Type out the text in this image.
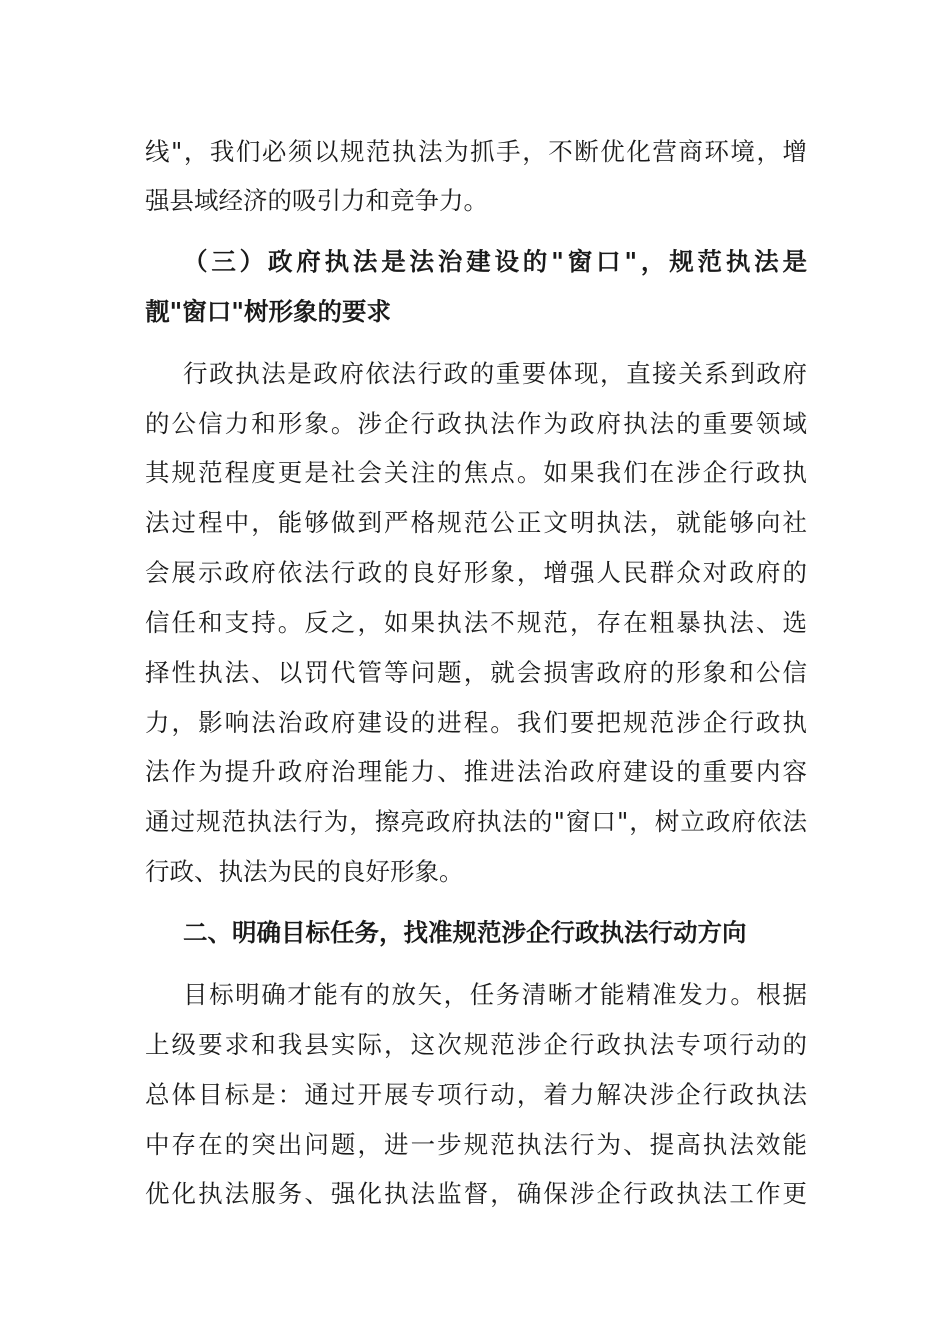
线"，我们必须以规范执法为抓手，不断优化营商环境，增
强县域经济的吸引力和竞争力。
（三）政府执法是法治建设的"窗口"，规范执法是
靓"窗口"树形象的要求
行政执法是政府依法行政的重要体现，直接关系到政府
的公信力和形象。涉企行政执法作为政府执法的重要领域
其规范程度更是社会关注的焦点。如果我们在涉企行政执
法过程中，能够做到严格规范公正文明执法，就能够向社
会展示政府依法行政的良好形象，增强人民群众对政府的
信任和支持。反之，如果执法不规范，存在粗暴执法、选
择性执法、以罚代管等问题，就会损害政府的形象和公信
力，影响法治政府建设的进程。我们要把规范涉企行政执
法作为提升政府治理能力、推进法治政府建设的重要内容
通过规范执法行为，擦亮政府执法的"窗口"，树立政府依法
行政、执法为民的良好形象。
二、明确目标任务，找准规范涉企行政执法行动方向
目标明确才能有的放矢，任务清晰才能精准发力。根据
上级要求和我县实际，这次规范涉企行政执法专项行动的
总体目标是：通过开展专项行动，着力解决涉企行政执法
中存在的突出问题，进一步规范执法行为、提高执法效能
优化执法服务、强化执法监督，确保涉企行政执法工作更
